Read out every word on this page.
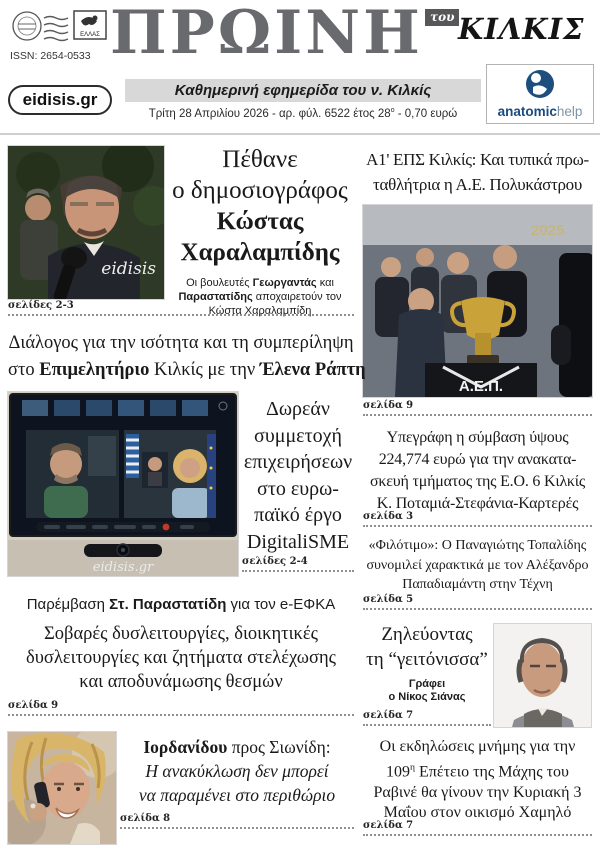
ΕΛΛΑΣ
ISSN: 2654-0533 ΠΡΩΙΝΗ του ΚΙΛΚΙΣ
Καθημερινή εφημερίδα του ν. Κιλκίς
Τρίτη 28 Απριλίου 2026 - αρ. φύλ. 6522 έτος $28^o - 0,70$ ευρώ
eidisis.gr
anatomichelp
eidisis
Πέθανε
ο δημοσιογράφος
Κώστας
Χαραλαμπίδης
Οι βουλευτές Γεωργαντάς και Παραστατίδης αποχαιρετούν τον Κώστα Χαραλαμπίδη
σελίδες 2-3
Α1' ΕΠΣ Κιλκίς: Και τυπικά πρω-
ταθλήτρια η Α.Ε. Πολυκάστρου
2025
Α.Ε.Π.
σελίδα 9
Διάλογος για την ισότητα και τη συμπερίληψη
στο Επιμελητήριο Κιλκίς με την Έλενα Ράπτη
eidisis.gr
Δωρεάν
συμμετοχή
επιχειρήσεων
στο ευρω-
παϊκό έργο
DigitaliSME
σελίδες 2-4
Υπεγράφη η σύμβαση ύψους
224,774 ευρώ για την ανακατα-
σκευή τμήματος της Ε.Ο. 6 Κιλκίς
Κ. Ποταμιά-Στεφάνια-Καρτερές
σελίδα 3
«Φιλότιμο»: Ο Παναγιώτης Τοπαλίδης
συνομιλεί χαρακτικά με τον Αλέξανδρο
Παπαδιαμάντη στην Τέχνη
σελίδα 5
Παρέμβαση Στ. Παραστατίδη για τον e-ΕΦΚΑ
Σοβαρές δυσλειτουργίες, διοικητικές
δυσλειτουργίες και ζητήματα στελέχωσης
και αποδυνάμωσης θεσμών
σελίδα 9
Ζηλεύοντας
τη “γειτόνισσα”
Γράφει
ο Νίκος Σιάνας
σελίδα 7
Οι εκδηλώσεις μνήμης για την
$109^\eta$ Επέτειο της Μάχης του
Ραβινέ θα γίνουν την Κυριακή 3
Μαΐου στον οικισμό Χαμηλό
σελίδα 7
Ιορδανίδου προς Σιωνίδη:
Η ανακύκλωση δεν μπορεί
να παραμένει στο περιθώριο
σελίδα 8
